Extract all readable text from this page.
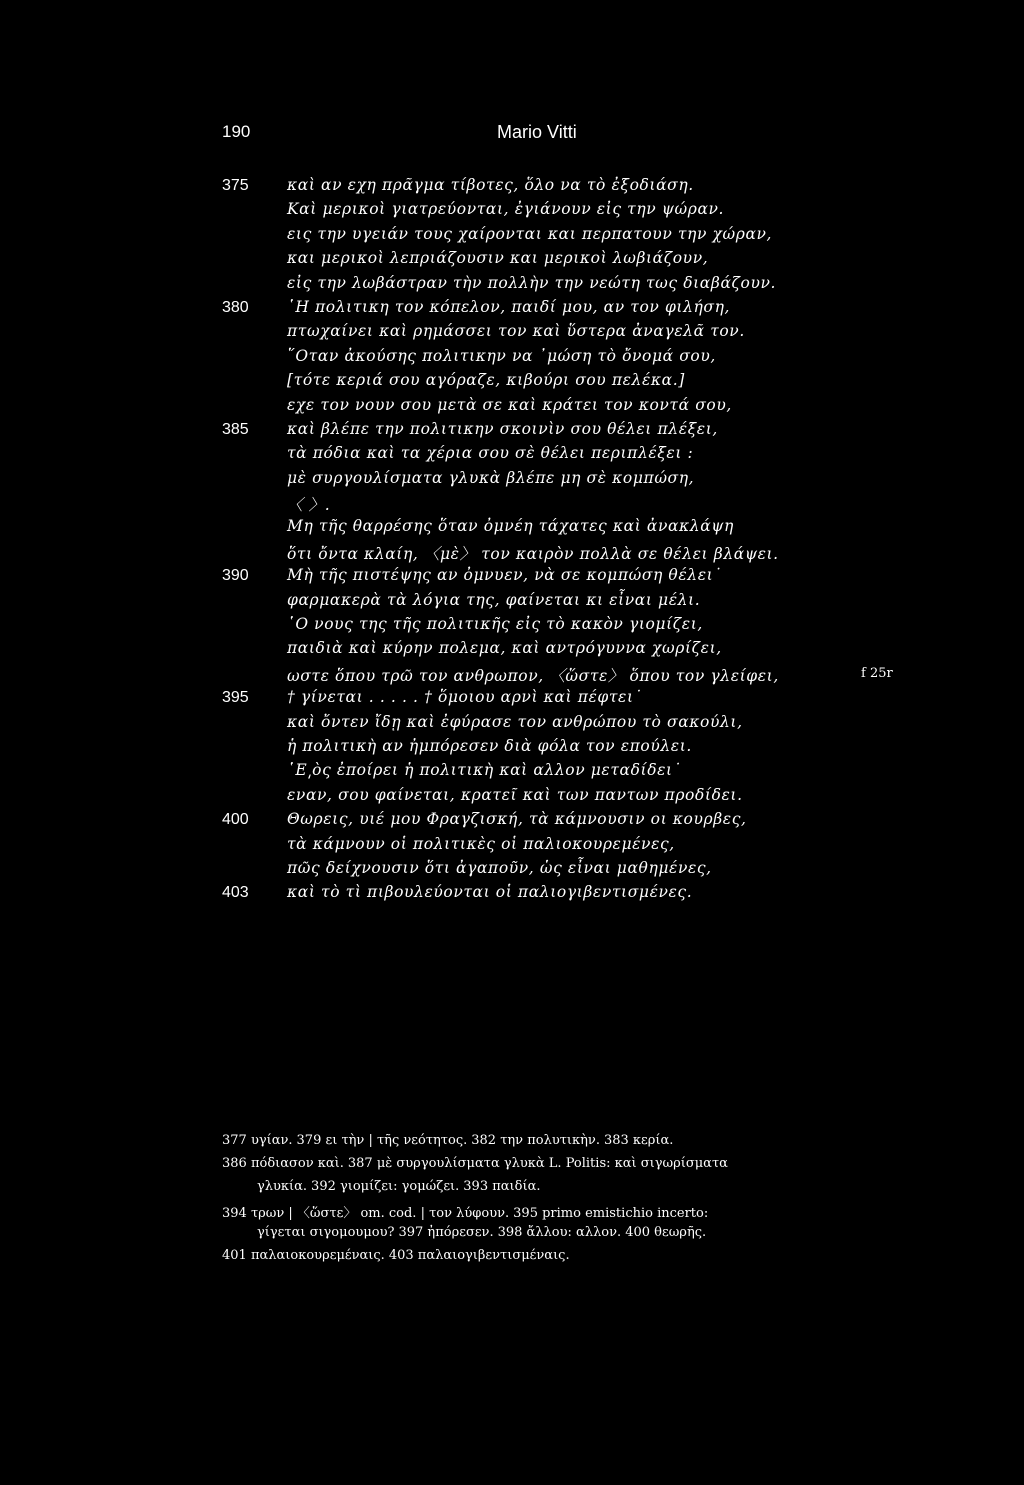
190	Mario Vitti
375 καὶ αν εχη πρᾶγμα τίβοτες, ὅλο να τὸ ἐξοδιάση.
Καὶ μερικοὶ γιατρεύονται, ἐγιάνουν εἰς την ψώραν.
εις την υγειάν τους χαίρονται και περπατουν την χώραν,
και μερικοὶ λεπριάζουσιν και μερικοὶ λωβιάζουν,
εἰς την λωβάστραν τὴν πολλὴν την νεώτη τως διαβάζουν.
380 ῾Η πολιτικη τον κόπελον, παιδί μου, αν τον φιλήση,
πτωχαίνει καὶ ρημάσσει τον καὶ ὕστερα ἀναγελᾶ τον.
῞Οταν ἀκούσης πολιτικην να ᾿μώση τὸ ὄνομά σου,
[τότε κεριά σου αγόραζε, κιβούρι σου πελέκα.]
εχε τον νουν σου μετὰ σε καὶ κράτει τον κοντά σου,
385 καὶ βλέπε την πολιτικην σκοινὶν σου θέλει πλέξει,
τὰ πόδια καὶ τα χέρια σου σὲ θέλει περιπλέξει :
μὲ συργουλίσματα γλυκὰ βλέπε μη σὲ κομπώση,
〈 〉.
Μη τῆς θαρρέσης ὅταν ὀμνέη τάχατες καὶ ἀνακλάψη
ὅτι ὄντα κλαίη, 〈μὲ〉 τον καιρὸν πολλὰ σε θέλει βλάψει.
390 Μὴ τῆς πιστέψης αν ὀμνυεν, νὰ σε κομπώση θέλει˙
φαρμακερὰ τὰ λόγια της, φαίνεται κι εἶναι μέλι.
῾Ο νους της τῆς πολιτικῆς εἰς τὸ κακὸν γιομίζει,
παιδιὰ καὶ κύρην πολεμα, καὶ αντρόγυννα χωρίζει,
ωστε ὅπου τρῶ τον ανθρωπον, 〈ὥστε〉 ὅπου τον γλείφει,	f 25r
395 † γίνεται . . . . . † ὅμοιου αρνὶ καὶ πέφτει˙
καὶ ὄντεν ἴδῃ καὶ ἐφύρασε τον ανθρώπου τὸ σακούλι,
ἡ πολιτικὴ αν ἠμπόρεσεν διὰ φόλα τον επούλει.
῾Ε͵ὸς ἐποίρει ἡ πολιτικὴ καὶ αλλον μεταδίδει˙
εναν, σου φαίνεται, κρατεῖ καὶ των παντων προδίδει.
400 Θωρεις, υιέ μου Φραγζισκή, τὰ κάμνουσιν οι κουρβες,
τὰ κάμνουν οἱ πολιτικὲς οἱ παλιοκουρεμένες,
πῶς δείχνουσιν ὅτι ἀγαποῦν, ὡς εἶναι μαθημένες,
403 καὶ τὸ τὶ πιβουλεύονται οἱ παλιογιβεντισμένες.
377 υγίαν. 379 ει τὴν | τῆς νεότητος. 382 την πολυτικὴν. 383 κερία.
386 πόδιασον καὶ. 387 μὲ συργουλίσματα γλυκὰ L. Politis: καὶ σιγωρίσματα
γλυκία. 392 γιομίζει: γομώζει. 393 παιδία.
394 τρων | 〈ὥστε〉 om. cod. | τον λύφουν. 395 primo emistichio incerto:
γίγεται σιγομουμου? 397 ἠπόρεσεν. 398 ἄλλου: αλλον. 400 θεωρῆς.
401 παλαιοκουρεμέναις. 403 παλαιογιβεντισμέναις.
